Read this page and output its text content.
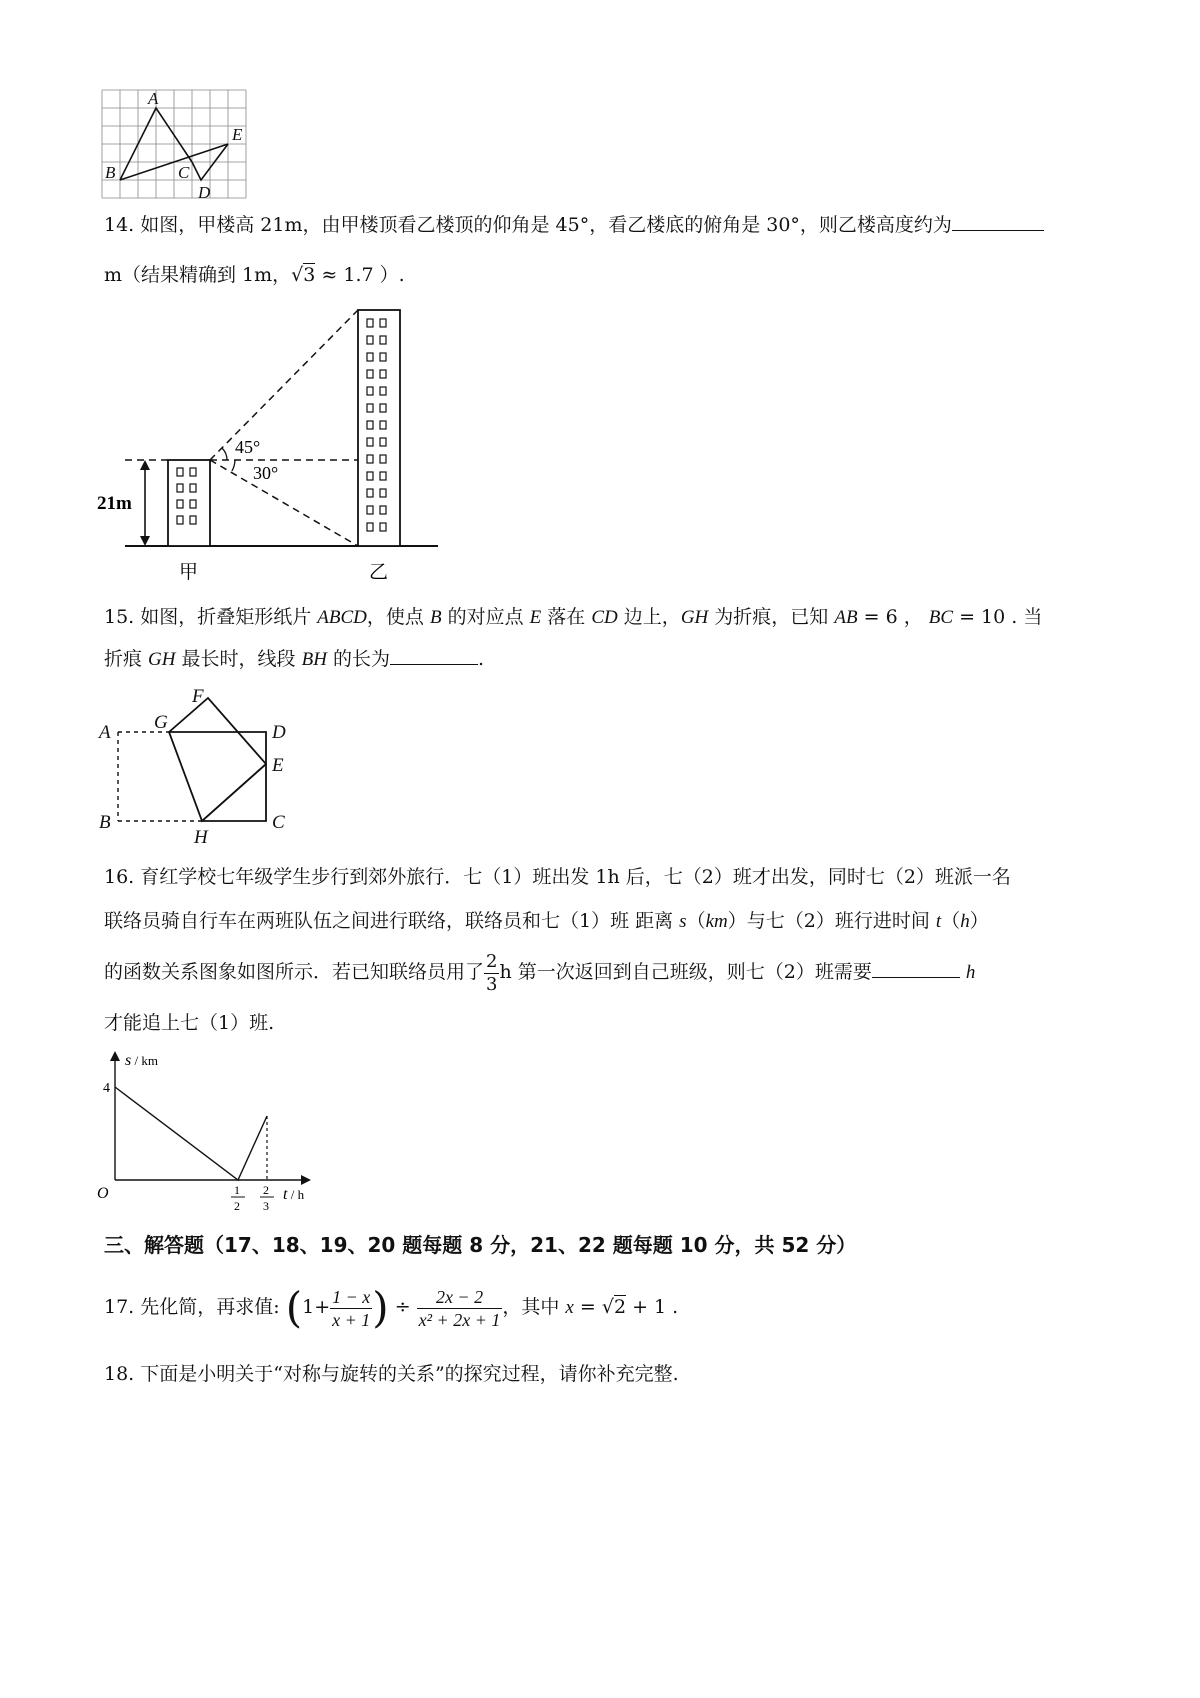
A
B	C
D
E
14. 如图，甲楼高 21m，由甲楼顶看乙楼顶的仰角是 45°，看乙楼底的俯角是 30°，则乙楼高度约为
m（结果精确到 1m，√3 ≈ 1.7 ）.
21m
45°
30°
甲	乙
15. 如图，折叠矩形纸片 ABCD，使点 B 的对应点 E 落在 CD 边上，GH 为折痕，已知 AB = 6 ， BC = 10 . 当
折痕 GH 最长时，线段 BH 的长为	.
A
B	C
D
E
F
G
H
16. 育红学校七年级学生步行到郊外旅行．七（1）班出发 1h 后，七（2）班才出发，同时七（2）班派一名
联络员骑自行车在两班队伍之间进行联络，联络员和七（1）班 距离 s（km）与七（2）班行进时间 t（h）
的函数关系图象如图所示．若已知联络员用了 $\frac{2}{3}$ h 第一次返回到自己班级，则七（2）班需要	h
才能追上七（1）班.
s / km
t / h
O
4
1
2
2
3
三、解答题（17、18、19、20 题每题 8 分，21、22 题每题 10 分，共 52 分）
17. 先化简，再求值: ($1+ \frac{1 - x}{x + 1}$ ) ÷ $\frac{2x - 2}{\text{x² + 2x + 1}}$ ，其中 x = √2 + 1 .
18. 下面是小明关于“对称与旋转的关系”的探究过程，请你补充完整.
